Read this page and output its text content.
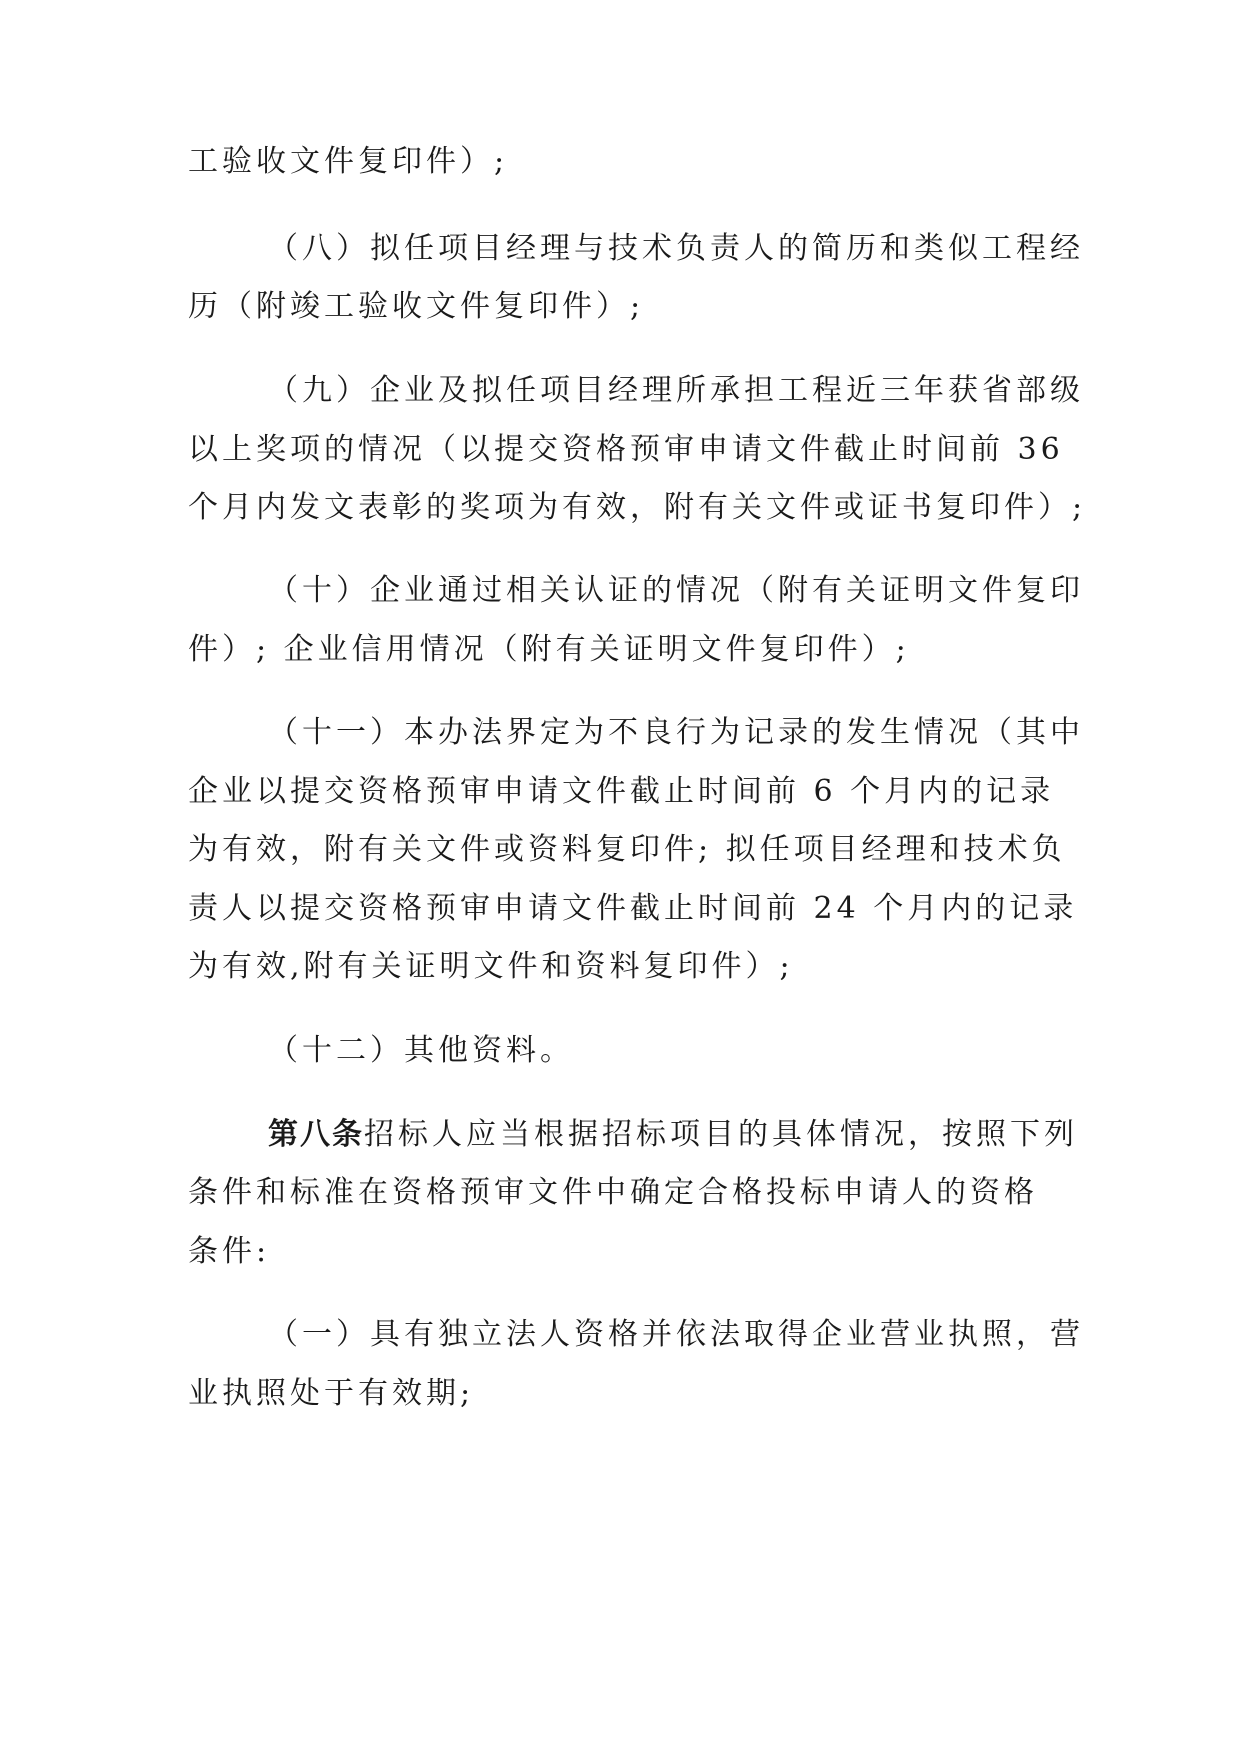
工验收文件复印件）;
（八）拟任项目经理与技术负责人的简历和类似工程经
历（附竣工验收文件复印件）;
（九）企业及拟任项目经理所承担工程近三年获省部级
以上奖项的情况（以提交资格预审申请文件截止时间前 36
个月内发文表彰的奖项为有效，附有关文件或证书复印件）;
（十）企业通过相关认证的情况（附有关证明文件复印
件）; 企业信用情况（附有关证明文件复印件）;
（十一）本办法界定为不良行为记录的发生情况（其中
企业以提交资格预审申请文件截止时间前 6 个月内的记录
为有效，附有关文件或资料复印件; 拟任项目经理和技术负
责人以提交资格预审申请文件截止时间前 24 个月内的记录
为有效,附有关证明文件和资料复印件）;
（十二）其他资料。
第八条招标人应当根据招标项目的具体情况，按照下列
条件和标准在资格预审文件中确定合格投标申请人的资格
条件:
（一）具有独立法人资格并依法取得企业营业执照，营
业执照处于有效期;
